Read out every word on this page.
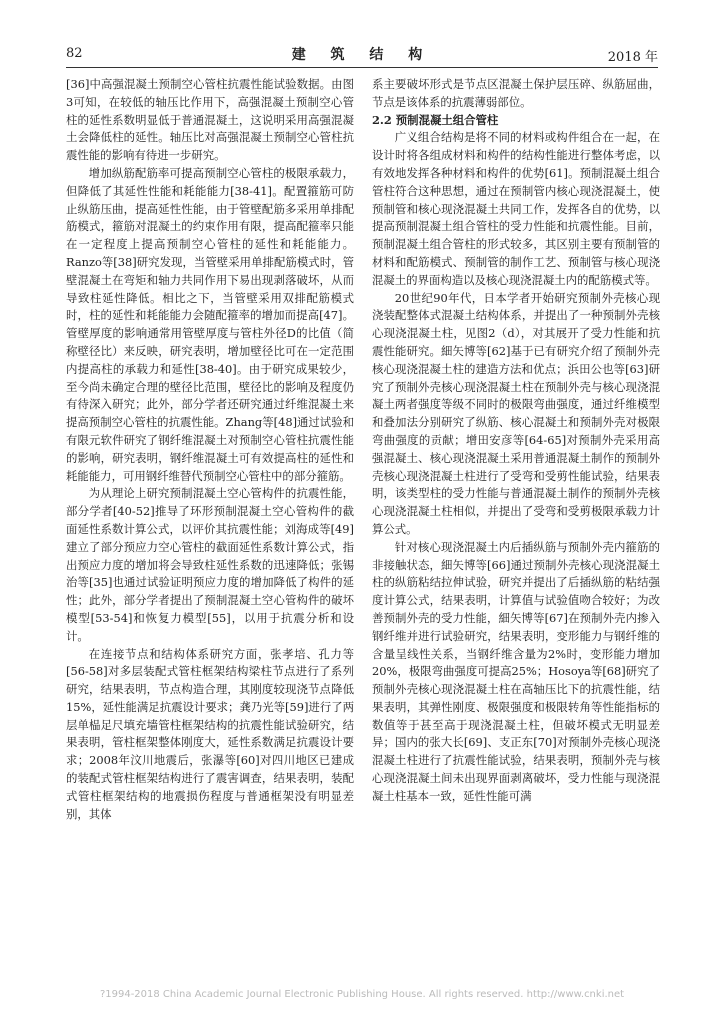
82	建 筑 结 构	2018 年

[36]中高强混凝土预制空心管柱抗震性能试验数据。由图3可知，在较低的轴压比作用下，高强混凝土预制空心管柱的延性系数明显低于普通混凝土，这说明采用高强混凝土会降低柱的延性。轴压比对高强混凝土预制空心管柱抗震性能的影响有待进一步研究。

增加纵筋配筋率可提高预制空心管柱的极限承载力，但降低了其延性性能和耗能能力[38-41]。配置箍筋可防止纵筋压曲，提高延性性能，由于管壁配筋多采用单排配筋模式，箍筋对混凝土的约束作用有限，提高配箍率只能在一定程度上提高预制空心管柱的延性和耗能能力。Ranzo等[38]研究发现，当管壁采用单排配筋模式时，管壁混凝土在弯矩和轴力共同作用下易出现剥落破坏，从而导致柱延性降低。相比之下，当管壁采用双排配筋模式时，柱的延性和耗能能力会随配箍率的增加而提高[47]。管壁厚度的影响通常用管壁厚度与管柱外径D的比值（简称壁径比）来反映，研究表明，增加壁径比可在一定范围内提高柱的承载力和延性[38-40]。由于研究成果较少，至今尚未确定合理的壁径比范围，壁径比的影响及程度仍有待深入研究；此外，部分学者还研究通过纤维混凝土来提高预制空心管柱的抗震性能。Zhang等[48]通过试验和有限元软件研究了钢纤维混凝土对预制空心管柱抗震性能的影响，研究表明，钢纤维混凝土可有效提高柱的延性和耗能能力，可用钢纤维替代预制空心管柱中的部分箍筋。

为从理论上研究预制混凝土空心管构件的抗震性能，部分学者[40-52]推导了环形预制混凝土空心管构件的截面延性系数计算公式，以评价其抗震性能；刘海成等[49]建立了部分预应力空心管柱的截面延性系数计算公式，指出预应力度的增加将会导致柱延性系数的迅速降低；张锡治等[35]也通过试验证明预应力度的增加降低了构件的延性；此外，部分学者提出了预制混凝土空心管构件的破坏模型[53-54]和恢复力模型[55]，以用于抗震分析和设计。

在连接节点和结构体系研究方面，张孝培、孔力等[56-58]对多层装配式管柱框架结构梁柱节点进行了系列研究，结果表明，节点构造合理，其刚度较现浇节点降低15%，延性能满足抗震设计要求；龚乃光等[59]进行了两层单榀足尺填充墙管柱框架结构的抗震性能试验研究，结果表明，管柱框架整体刚度大，延性系数满足抗震设计要求；2008年汶川地震后，张瀑等[60]对四川地区已建成的装配式管柱框架结构进行了震害调查，结果表明，装配式管柱框架结构的地震损伤程度与普通框架没有明显差别，其体

系主要破坏形式是节点区混凝土保护层压碎、纵筋屈曲，节点是该体系的抗震薄弱部位。

2.2 预制混凝土组合管柱

广义组合结构是将不同的材料或构件组合在一起，在设计时将各组成材料和构件的结构性能进行整体考虑，以有效地发挥各种材料和构件的优势[61]。预制混凝土组合管柱符合这种思想，通过在预制管内核心现浇混凝土，使预制管和核心现浇混凝土共同工作，发挥各自的优势，以提高预制混凝土组合管柱的受力性能和抗震性能。目前，预制混凝土组合管柱的形式较多，其区别主要有预制管的材料和配筋模式、预制管的制作工艺、预制管与核心现浇混凝土的界面构造以及核心现浇混凝土内的配筋模式等。

20世纪90年代，日本学者开始研究预制外壳核心现浇装配整体式混凝土结构体系，并提出了一种预制外壳核心现浇混凝土柱，见图2（d），对其展开了受力性能和抗震性能研究。細矢博等[62]基于已有研究介绍了预制外壳核心现浇混凝土柱的建造方法和优点；浜田公也等[63]研究了预制外壳核心现浇混凝土柱在预制外壳与核心现浇混凝土两者强度等级不同时的极限弯曲强度，通过纤维模型和叠加法分别研究了纵筋、核心混凝土和预制外壳对极限弯曲强度的贡献；增田安彦等[64-65]对预制外壳采用高强混凝土、核心现浇混凝土采用普通混凝土制作的预制外壳核心现浇混凝土柱进行了受弯和受剪性能试验，结果表明，该类型柱的受力性能与普通混凝土制作的预制外壳核心现浇混凝土柱相似，并提出了受弯和受剪极限承载力计算公式。

针对核心现浇混凝土内后插纵筋与预制外壳内箍筋的非接触状态，細矢博等[66]通过预制外壳核心现浇混凝土柱的纵筋粘结拉伸试验，研究并提出了后插纵筋的粘结强度计算公式，结果表明，计算值与试验值吻合较好；为改善预制外壳的受力性能，細矢博等[67]在预制外壳内掺入钢纤维并进行试验研究，结果表明，变形能力与钢纤维的含量呈线性关系，当钢纤维含量为2%时，变形能力增加20%，极限弯曲强度可提高25%；Hosoya等[68]研究了预制外壳核心现浇混凝土柱在高轴压比下的抗震性能，结果表明，其弹性刚度、极限强度和极限转角等性能指标的数值等于甚至高于现浇混凝土柱，但破坏模式无明显差异；国内的张大长[69]、支正东[70]对预制外壳核心现浇混凝土柱进行了抗震性能试验，结果表明，预制外壳与核心现浇混凝土间未出现界面剥离破坏，受力性能与现浇混凝土柱基本一致，延性性能可满

?1994-2018 China Academic Journal Electronic Publishing House. All rights reserved. http://www.cnki.net
